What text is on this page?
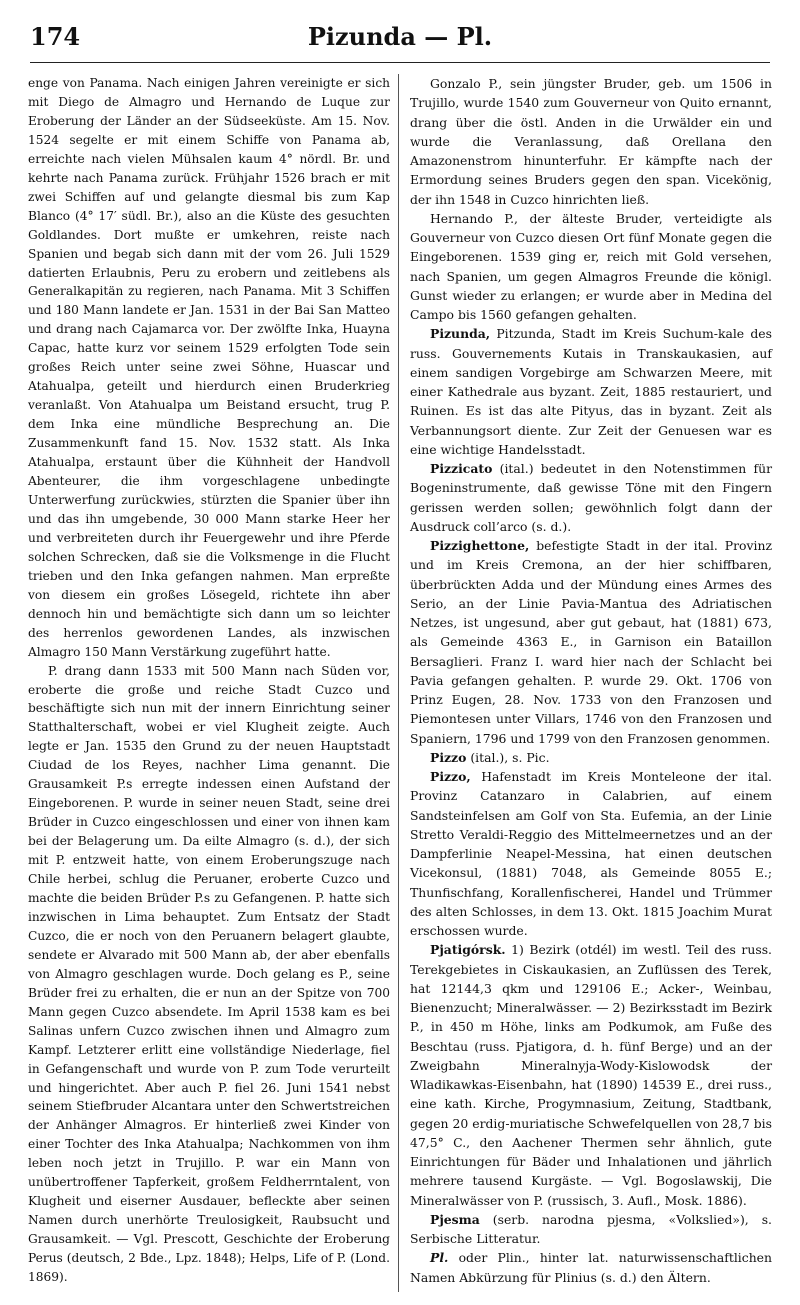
174	Pizunda — Pl.

enge von Panama. Nach einigen Jahren vereinigte er sich mit Diego de Almagro und Hernando de Luque zur Eroberung der Länder an der Südseeküste. Am 15. Nov. 1524 segelte er mit einem Schiffe von Panama ab, erreichte nach vielen Mühsalen kaum 4° nördl. Br. und kehrte nach Panama zurück. Frühjahr 1526 brach er mit zwei Schiffen auf und gelangte diesmal bis zum Kap Blanco (4° 17′ südl. Br.), also an die Küste des gesuchten Goldlandes. Dort mußte er umkehren, reiste nach Spanien und begab sich dann mit der vom 26. Juli 1529 datierten Erlaubnis, Peru zu erobern und zeitlebens als Generalkapitän zu regieren, nach Panama. Mit 3 Schiffen und 180 Mann landete er Jan. 1531 in der Bai San Matteo und drang nach Cajamarca vor. Der zwölfte Inka, Huayna Capac, hatte kurz vor seinem 1529 erfolgten Tode sein großes Reich unter seine zwei Söhne, Huascar und Atahualpa, geteilt und hierdurch einen Bruderkrieg veranlaßt. Von Atahualpa um Beistand ersucht, trug P. dem Inka eine mündliche Besprechung an. Die Zusammenkunft fand 15. Nov. 1532 statt. Als Inka Atahualpa, erstaunt über die Kühnheit der Handvoll Abenteurer, die ihm vorgeschlagene unbedingte Unterwerfung zurückwies, stürzten die Spanier über ihn und das ihn umgebende, 30 000 Mann starke Heer her und verbreiteten durch ihr Feuergewehr und ihre Pferde solchen Schrecken, daß sie die Volksmenge in die Flucht trieben und den Inka gefangen nahmen. Man erpreßte von diesem ein großes Lösegeld, richtete ihn aber dennoch hin und bemächtigte sich dann um so leichter des herrenlos gewordenen Landes, als inzwischen Almagro 150 Mann Verstärkung zugeführt hatte.

P. drang dann 1533 mit 500 Mann nach Süden vor, eroberte die große und reiche Stadt Cuzco und beschäftigte sich nun mit der innern Einrichtung seiner Statthalterschaft, wobei er viel Klugheit zeigte. Auch legte er Jan. 1535 den Grund zu der neuen Hauptstadt Ciudad de los Reyes, nachher Lima genannt. Die Grausamkeit P.s erregte indessen einen Aufstand der Eingeborenen. P. wurde in seiner neuen Stadt, seine drei Brüder in Cuzco eingeschlossen und einer von ihnen kam bei der Belagerung um. Da eilte Almagro (s. d.), der sich mit P. entzweit hatte, von einem Eroberungszuge nach Chile herbei, schlug die Peruaner, eroberte Cuzco und machte die beiden Brüder P.s zu Gefangenen. P. hatte sich inzwischen in Lima behauptet. Zum Entsatz der Stadt Cuzco, die er noch von den Peruanern belagert glaubte, sendete er Alvarado mit 500 Mann ab, der aber ebenfalls von Almagro geschlagen wurde. Doch gelang es P., seine Brüder frei zu erhalten, die er nun an der Spitze von 700 Mann gegen Cuzco absendete. Im April 1538 kam es bei Salinas unfern Cuzco zwischen ihnen und Almagro zum Kampf. Letzterer erlitt eine vollständige Niederlage, fiel in Gefangenschaft und wurde von P. zum Tode verurteilt und hingerichtet. Aber auch P. fiel 26. Juni 1541 nebst seinem Stiefbruder Alcantara unter den Schwertstreichen der Anhänger Almagros. Er hinterließ zwei Kinder von einer Tochter des Inka Atahualpa; Nachkommen von ihm leben noch jetzt in Trujillo. P. war ein Mann von unübertroffener Tapferkeit, großem Feldherrntalent, von Klugheit und eiserner Ausdauer, befleckte aber seinen Namen durch unerhörte Treulosigkeit, Raubsucht und Grausamkeit. — Vgl. Prescott, Geschichte der Eroberung Perus (deutsch, 2 Bde., Lpz. 1848); Helps, Life of P. (Lond. 1869).

Gonzalo P., sein jüngster Bruder, geb. um 1506 in Trujillo, wurde 1540 zum Gouverneur von Quito ernannt, drang über die östl. Anden in die Urwälder ein und wurde die Veranlassung, daß Orellana den Amazonenstrom hinunterfuhr. Er kämpfte nach der Ermordung seines Bruders gegen den span. Vicekönig, der ihn 1548 in Cuzco hinrichten ließ.

Hernando P., der älteste Bruder, verteidigte als Gouverneur von Cuzco diesen Ort fünf Monate gegen die Eingeborenen. 1539 ging er, reich mit Gold versehen, nach Spanien, um gegen Almagros Freunde die königl. Gunst wieder zu erlangen; er wurde aber in Medina del Campo bis 1560 gefangen gehalten.

Pizunda, Pitzunda, Stadt im Kreis Suchum-kale des russ. Gouvernements Kutais in Transkaukasien, auf einem sandigen Vorgebirge am Schwarzen Meere, mit einer Kathedrale aus byzant. Zeit, 1885 restauriert, und Ruinen. Es ist das alte Pityus, das in byzant. Zeit als Verbannungsort diente. Zur Zeit der Genuesen war es eine wichtige Handelsstadt.

Pizzicato (ital.) bedeutet in den Notenstimmen für Bogeninstrumente, daß gewisse Töne mit den Fingern gerissen werden sollen; gewöhnlich folgt dann der Ausdruck coll’arco (s. d.).

Pizzighettone, befestigte Stadt in der ital. Provinz und im Kreis Cremona, an der hier schiffbaren, überbrückten Adda und der Mündung eines Armes des Serio, an der Linie Pavia-Mantua des Adriatischen Netzes, ist ungesund, aber gut gebaut, hat (1881) 673, als Gemeinde 4363 E., in Garnison ein Bataillon Bersaglieri. Franz I. ward hier nach der Schlacht bei Pavia gefangen gehalten. P. wurde 29. Okt. 1706 von Prinz Eugen, 28. Nov. 1733 von den Franzosen und Piemontesen unter Villars, 1746 von den Franzosen und Spaniern, 1796 und 1799 von den Franzosen genommen.

Pizzo (ital.), s. Pic.

Pizzo, Hafenstadt im Kreis Monteleone der ital. Provinz Catanzaro in Calabrien, auf einem Sandsteinfelsen am Golf von Sta. Eufemia, an der Linie Stretto Veraldi-Reggio des Mittelmeernetzes und an der Dampferlinie Neapel-Messina, hat einen deutschen Vicekonsul, (1881) 7048, als Gemeinde 8055 E.; Thunfischfang, Korallenfischerei, Handel und Trümmer des alten Schlosses, in dem 13. Okt. 1815 Joachim Murat erschossen wurde.

Pjatigórsk. 1) Bezirk (otdél) im westl. Teil des russ. Terekgebietes in Ciskaukasien, an Zuflüssen des Terek, hat 12144,3 qkm und 129106 E.; Acker-, Weinbau, Bienenzucht; Mineralwässer. — 2) Bezirksstadt im Bezirk P., in 450 m Höhe, links am Podkumok, am Fuße des Beschtau (russ. Pjatigora, d. h. fünf Berge) und an der Zweigbahn Mineralnyja-Wody-Kislowodsk der Wladikawkas-Eisenbahn, hat (1890) 14539 E., drei russ., eine kath. Kirche, Progymnasium, Zeitung, Stadtbank, gegen 20 erdig-muriatische Schwefelquellen von 28,7 bis 47,5° C., den Aachener Thermen sehr ähnlich, gute Einrichtungen für Bäder und Inhalationen und jährlich mehrere tausend Kurgäste. — Vgl. Bogoslawskij, Die Mineralwässer von P. (russisch, 3. Aufl., Mosk. 1886).

Pjesma (serb. narodna pjesma, «Volkslied»), s. Serbische Litteratur.

Pl. oder Plin., hinter lat. naturwissenschaftlichen Namen Abkürzung für Plinius (s. d.) den Ältern.
